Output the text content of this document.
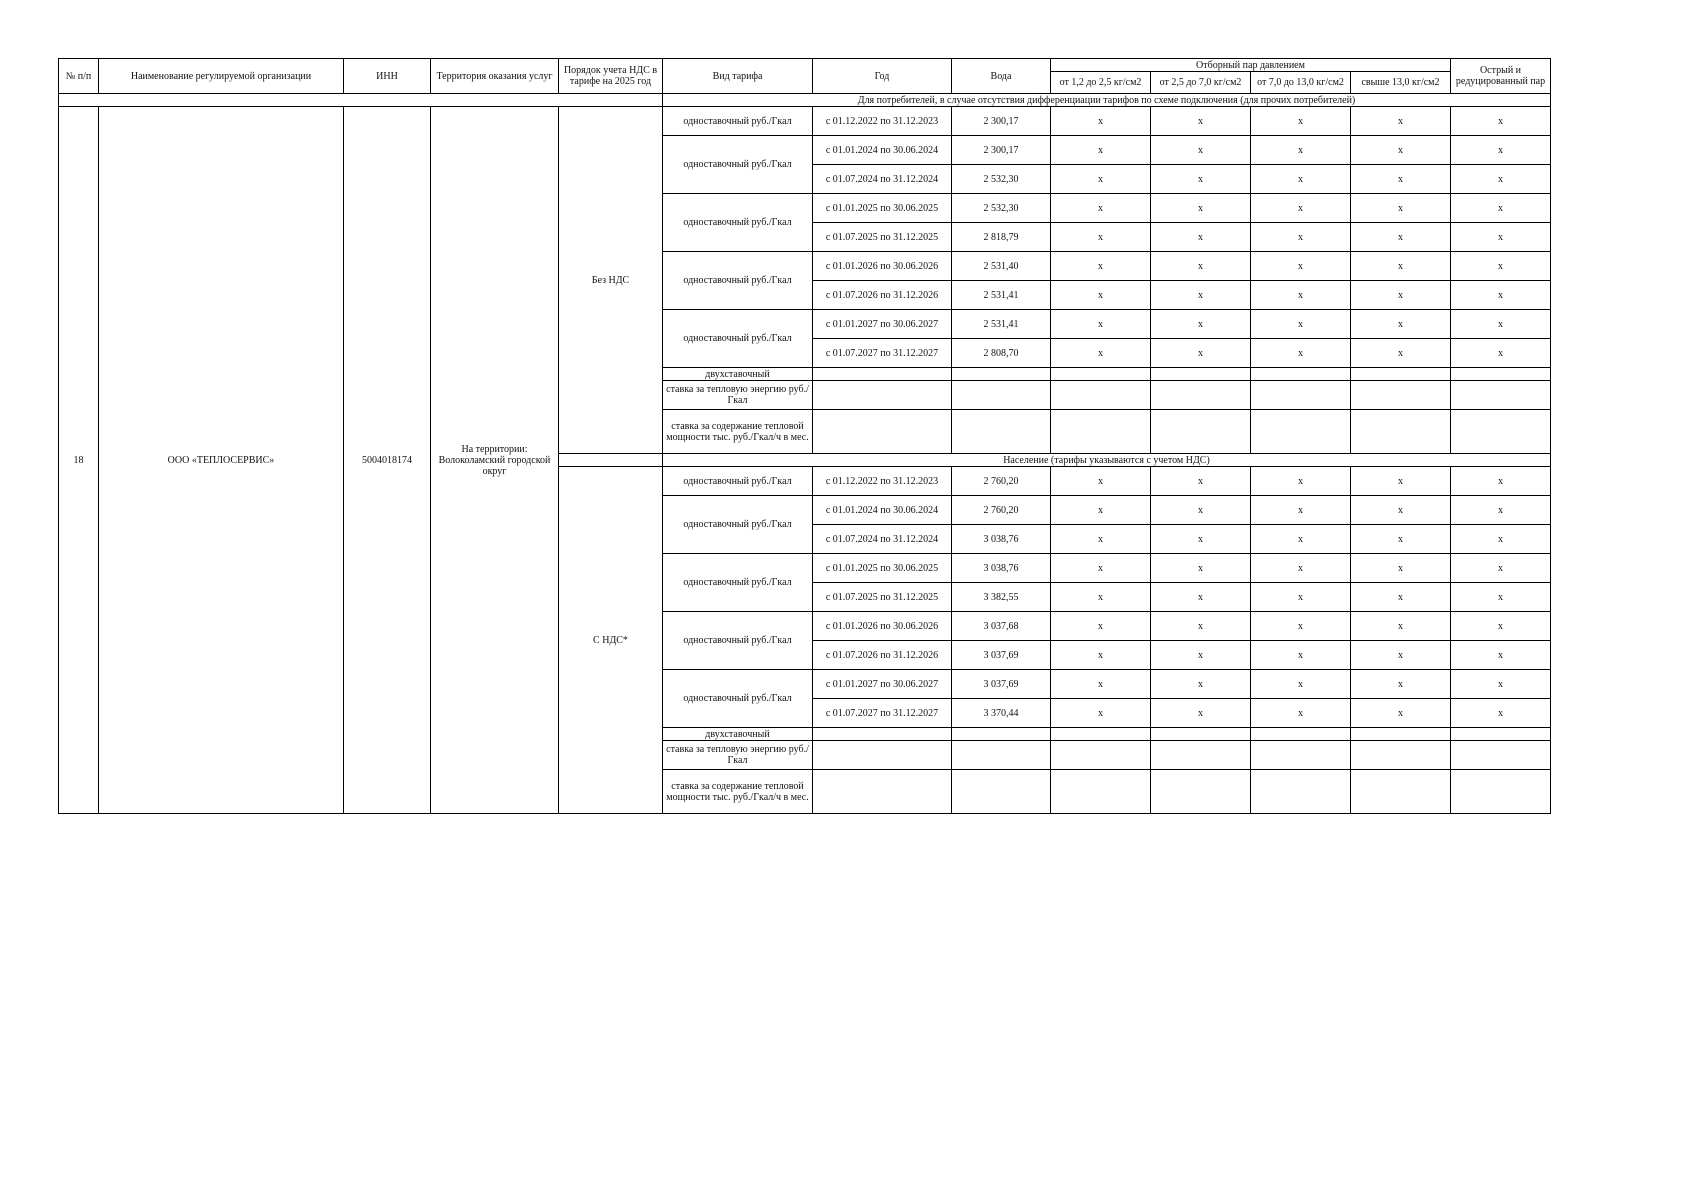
№ п/п	Наименование регулируемой организации	ИНН	Территория оказания услуг	Порядок учета НДС в тарифе на 2025 год	Вид тарифа	Год	Вода	Отборный пар давлением				Острый и редуцированный пар
								от 1,2 до 2,5 кг/см2	от 2,5 до 7,0 кг/см2	от 7,0 до 13,0 кг/см2	свыше 13,0 кг/см2	
					Для потребителей, в случае отсутствия дифференциации тарифов по схеме подключения (для прочих потребителей)							
18	ООО «ТЕПЛОСЕРВИС»	5004018174	На территории: Волоколамский городской округ	Без НДС	одноставочный руб./Гкал	с 01.12.2022 по 31.12.2023	2 300,17	x	x	x	x	x
					одноставочный руб./Гкал	с 01.01.2024 по 30.06.2024	2 300,17	x	x	x	x	x
						с 01.07.2024 по 31.12.2024	2 532,30	x	x	x	x	x
					одноставочный руб./Гкал	с 01.01.2025 по 30.06.2025	2 532,30	x	x	x	x	x
						с 01.07.2025 по 31.12.2025	2 818,79	x	x	x	x	x
					одноставочный руб./Гкал	с 01.01.2026 по 30.06.2026	2 531,40	x	x	x	x	x
						с 01.07.2026 по 31.12.2026	2 531,41	x	x	x	x	x
					одноставочный руб./Гкал	с 01.01.2027 по 30.06.2027	2 531,41	x	x	x	x	x
						с 01.07.2027 по 31.12.2027	2 808,70	x	x	x	x	x
					двухставочный							
					ставка за тепловую энергию руб./Гкал							
					ставка за содержание тепловой мощности тыс. руб./Гкал/ч в мес.							
					Население (тарифы указываются с учетом НДС)							
				С НДС*	одноставочный руб./Гкал	с 01.12.2022 по 31.12.2023	2 760,20	x	x	x	x	x
					одноставочный руб./Гкал	с 01.01.2024 по 30.06.2024	2 760,20	x	x	x	x	x
						с 01.07.2024 по 31.12.2024	3 038,76	x	x	x	x	x
					одноставочный руб./Гкал	с 01.01.2025 по 30.06.2025	3 038,76	x	x	x	x	x
						с 01.07.2025 по 31.12.2025	3 382,55	x	x	x	x	x
					одноставочный руб./Гкал	с 01.01.2026 по 30.06.2026	3 037,68	x	x	x	x	x
						с 01.07.2026 по 31.12.2026	3 037,69	x	x	x	x	x
					одноставочный руб./Гкал	с 01.01.2027 по 30.06.2027	3 037,69	x	x	x	x	x
						с 01.07.2027 по 31.12.2027	3 370,44	x	x	x	x	x
					двухставочный							
					ставка за тепловую энергию руб./Гкал							
					ставка за содержание тепловой мощности тыс. руб./Гкал/ч в мес.							
